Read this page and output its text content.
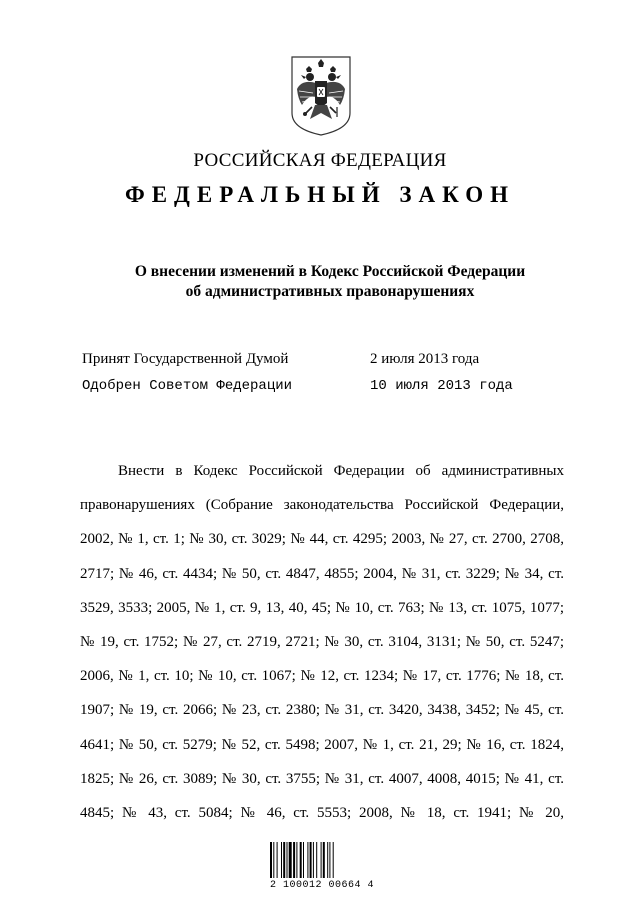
РОССИЙСКАЯ ФЕДЕРАЦИЯ
ФЕДЕРАЛЬНЫЙ ЗАКОН
О внесении изменений в Кодекс Российской Федерации
об административных правонарушениях
Принят Государственной Думой	2 июля 2013 года
Одобрен Советом Федерации	10 июля 2013 года

Внести в Кодекс Российской Федерации об административных правонарушениях (Собрание законодательства Российской Федерации, 2002, № 1, ст. 1; № 30, ст. 3029; № 44, ст. 4295; 2003, № 27, ст. 2700, 2708, 2717; № 46, ст. 4434; № 50, ст. 4847, 4855; 2004, № 31, ст. 3229; № 34, ст. 3529, 3533; 2005, № 1, ст. 9, 13, 40, 45; № 10, ст. 763; № 13, ст. 1075, 1077; № 19, ст. 1752; № 27, ст. 2719, 2721; № 30, ст. 3104, 3131; № 50, ст. 5247; 2006, № 1, ст. 10; № 10, ст. 1067; № 12, ст. 1234; № 17, ст. 1776; № 18, ст. 1907; № 19, ст. 2066; № 23, ст. 2380; № 31, ст. 3420, 3438, 3452; № 45, ст. 4641; № 50, ст. 5279; № 52, ст. 5498; 2007, № 1, ст. 21, 29; № 16, ст. 1824, 1825; № 26, ст. 3089; № 30, ст. 3755; № 31, ст. 4007, 4008, 4015; № 41, ст. 4845; № 43, ст. 5084; № 46, ст. 5553; 2008, № 18, ст. 1941; № 20,

2 100012 00664 4
